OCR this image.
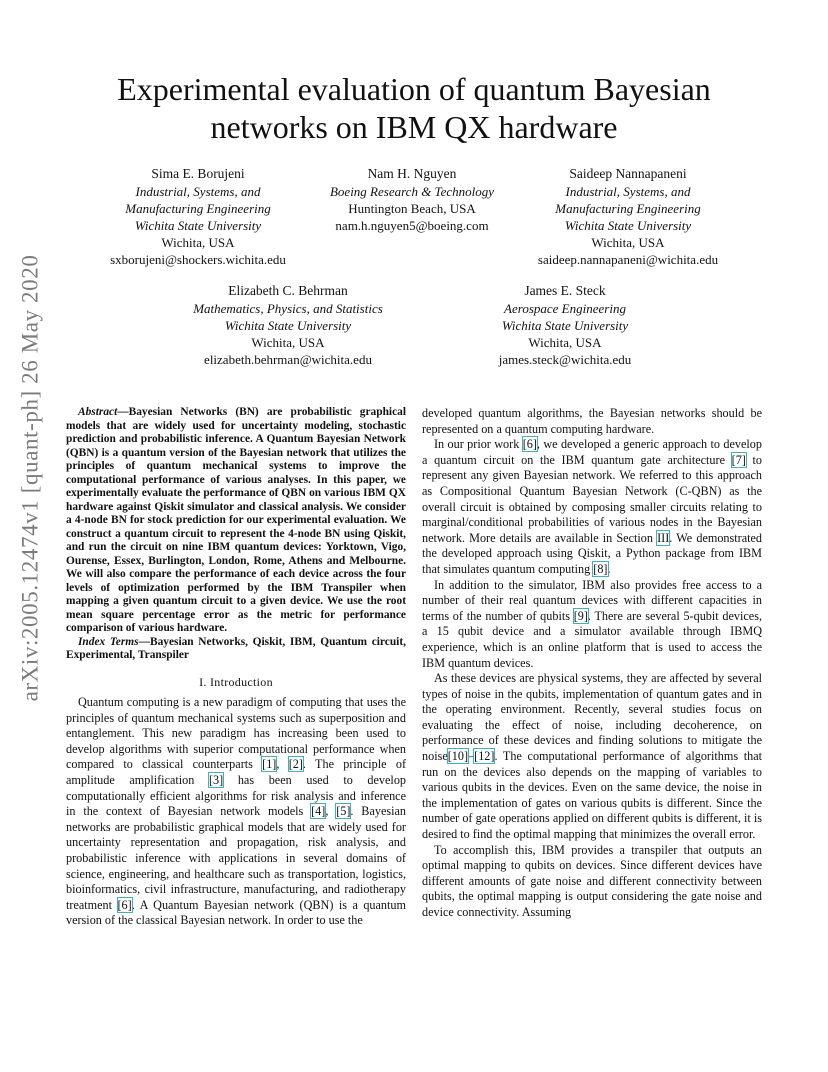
arXiv:2005.12474v1 [quant-ph] 26 May 2020
Experimental evaluation of quantum Bayesian
networks on IBM QX hardware
Sima E. Borujeni
Industrial, Systems, and
Manufacturing Engineering
Wichita State University
Wichita, USA
sxborujeni@shockers.wichita.edu
Nam H. Nguyen
Boeing Research & Technology
Huntington Beach, USA
nam.h.nguyen5@boeing.com
Saideep Nannapaneni
Industrial, Systems, and
Manufacturing Engineering
Wichita State University
Wichita, USA
saideep.nannapaneni@wichita.edu
Elizabeth C. Behrman
Mathematics, Physics, and Statistics
Wichita State University
Wichita, USA
elizabeth.behrman@wichita.edu
James E. Steck
Aerospace Engineering
Wichita State University
Wichita, USA
james.steck@wichita.edu

Abstract—Bayesian Networks (BN) are probabilistic graphical models that are widely used for uncertainty modeling, stochastic prediction and probabilistic inference. A Quantum Bayesian Network (QBN) is a quantum version of the Bayesian network that utilizes the principles of quantum mechanical systems to improve the computational performance of various analyses. In this paper, we experimentally evaluate the performance of QBN on various IBM QX hardware against Qiskit simulator and classical analysis. We consider a 4-node BN for stock prediction for our experimental evaluation. We construct a quantum circuit to represent the 4-node BN using Qiskit, and run the circuit on nine IBM quantum devices: Yorktown, Vigo, Ourense, Essex, Burlington, London, Rome, Athens and Melbourne. We will also compare the performance of each device across the four levels of optimization performed by the IBM Transpiler when mapping a given quantum circuit to a given device. We use the root mean square percentage error as the metric for performance comparison of various hardware.

Index Terms—Bayesian Networks, Qiskit, IBM, Quantum circuit, Experimental, Transpiler

I. Introduction

Quantum computing is a new paradigm of computing that uses the principles of quantum mechanical systems such as superposition and entanglement. This new paradigm has increasing been used to develop algorithms with superior computational performance when compared to classical counterparts [1], [2]. The principle of amplitude amplification [3] has been used to develop computationally efficient algorithms for risk analysis and inference in the context of Bayesian network models [4], [5]. Bayesian networks are probabilistic graphical models that are widely used for uncertainty representation and propagation, risk analysis, and probabilistic inference with applications in several domains of science, engineering, and healthcare such as transportation, logistics, bioinformatics, civil infrastructure, manufacturing, and radiotherapy treatment [6]. A Quantum Bayesian network (QBN) is a quantum version of the classical Bayesian network. In order to use the

developed quantum algorithms, the Bayesian networks should be represented on a quantum computing hardware.

In our prior work [6], we developed a generic approach to develop a quantum circuit on the IBM quantum gate architecture [7] to represent any given Bayesian network. We referred to this approach as Compositional Quantum Bayesian Network (C-QBN) as the overall circuit is obtained by composing smaller circuits relating to marginal/conditional probabilities of various nodes in the Bayesian network. More details are available in Section III. We demonstrated the developed approach using Qiskit, a Python package from IBM that simulates quantum computing [8].

In addition to the simulator, IBM also provides free access to a number of their real quantum devices with different capacities in terms of the number of qubits [9]. There are several 5-qubit devices, a 15 qubit device and a simulator available through IBMQ experience, which is an online platform that is used to access the IBM quantum devices.

As these devices are physical systems, they are affected by several types of noise in the qubits, implementation of quantum gates and in the operating environment. Recently, several studies focus on evaluating the effect of noise, including decoherence, on performance of these devices and finding solutions to mitigate the noise[10]–[12]. The computational performance of algorithms that run on the devices also depends on the mapping of variables to various qubits in the devices. Even on the same device, the noise in the implementation of gates on various qubits is different. Since the number of gate operations applied on different qubits is different, it is desired to find the optimal mapping that minimizes the overall error.

To accomplish this, IBM provides a transpiler that outputs an optimal mapping to qubits on devices. Since different devices have different amounts of gate noise and different connectivity between qubits, the optimal mapping is output considering the gate noise and device connectivity. Assuming
